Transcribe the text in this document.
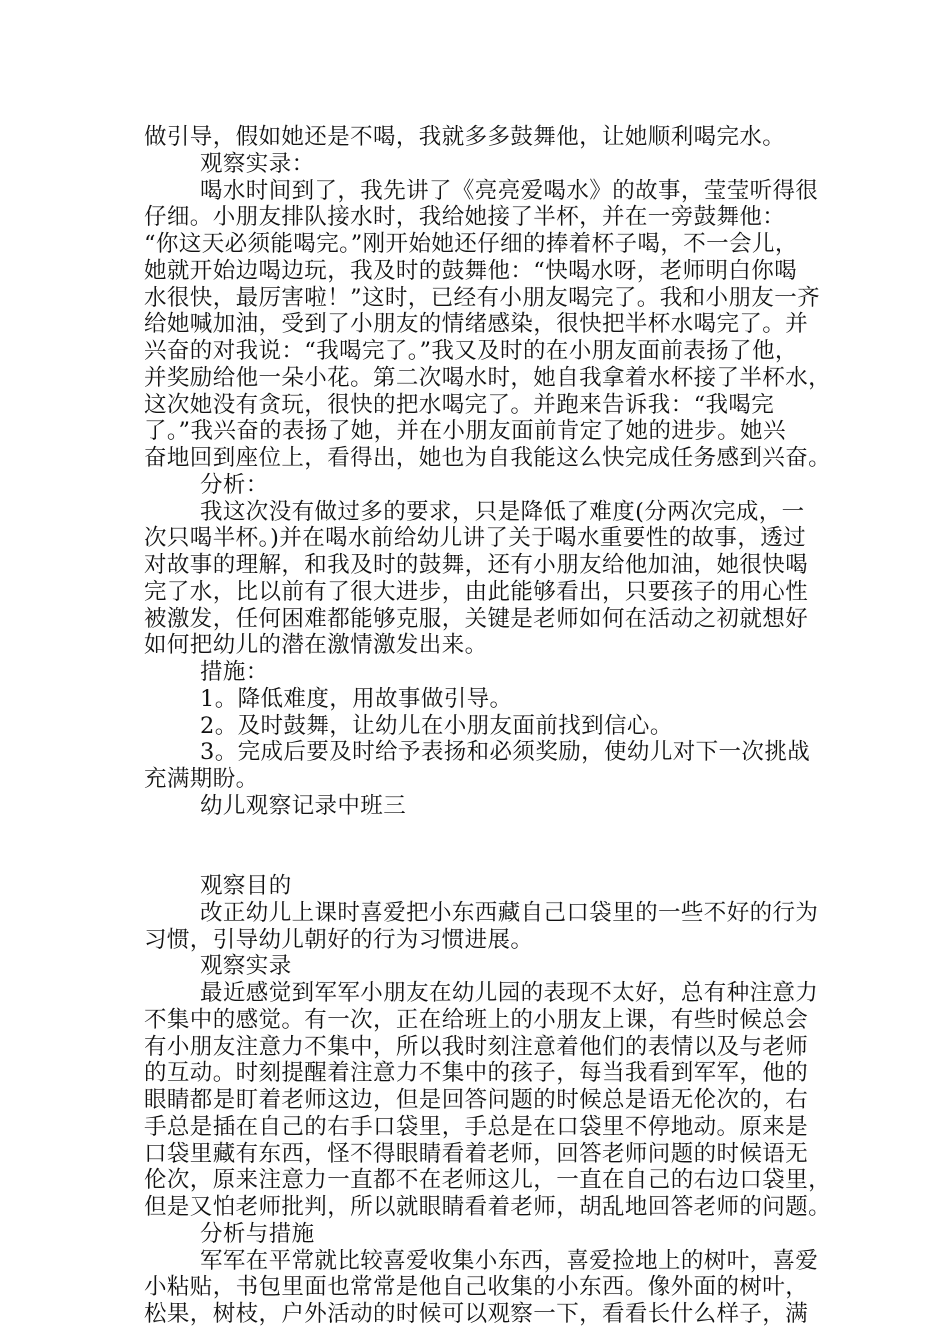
做引导，假如她还是不喝，我就多多鼓舞他，让她顺利喝完水。
观察实录：
喝水时间到了，我先讲了《亮亮爱喝水》的故事，莹莹听得很
仔细。小朋友排队接水时，我给她接了半杯，并在一旁鼓舞他：
“你这天必须能喝完。”刚开始她还仔细的捧着杯子喝，不一会儿，
她就开始边喝边玩，我及时的鼓舞他：“快喝水呀，老师明白你喝
水很快，最厉害啦！”这时，已经有小朋友喝完了。我和小朋友一齐
给她喊加油，受到了小朋友的情绪感染，很快把半杯水喝完了。并
兴奋的对我说：“我喝完了。”我又及时的在小朋友面前表扬了他，
并奖励给他一朵小花。第二次喝水时，她自我拿着水杯接了半杯水，
这次她没有贪玩，很快的把水喝完了。并跑来告诉我：“我喝完
了。”我兴奋的表扬了她，并在小朋友面前肯定了她的进步。她兴
奋地回到座位上，看得出，她也为自我能这么快完成任务感到兴奋。
分析：
我这次没有做过多的要求，只是降低了难度(分两次完成，一
次只喝半杯。)并在喝水前给幼儿讲了关于喝水重要性的故事，透过
对故事的理解，和我及时的鼓舞，还有小朋友给他加油，她很快喝
完了水，比以前有了很大进步，由此能够看出，只要孩子的用心性
被激发，任何困难都能够克服，关键是老师如何在活动之初就想好
如何把幼儿的潜在激情激发出来。
措施：
1。降低难度，用故事做引导。
2。及时鼓舞，让幼儿在小朋友面前找到信心。
3。完成后要及时给予表扬和必须奖励，使幼儿对下一次挑战
充满期盼。
幼儿观察记录中班三
观察目的
改正幼儿上课时喜爱把小东西藏自己口袋里的一些不好的行为
习惯，引导幼儿朝好的行为习惯进展。
观察实录
最近感觉到军军小朋友在幼儿园的表现不太好，总有种注意力
不集中的感觉。有一次，正在给班上的小朋友上课，有些时候总会
有小朋友注意力不集中，所以我时刻注意着他们的表情以及与老师
的互动。时刻提醒着注意力不集中的孩子，每当我看到军军，他的
眼睛都是盯着老师这边，但是回答问题的时候总是语无伦次的，右
手总是插在自己的右手口袋里，手总是在口袋里不停地动。原来是
口袋里藏有东西，怪不得眼睛看着老师，回答老师问题的时候语无
伦次，原来注意力一直都不在老师这儿，一直在自己的右边口袋里，
但是又怕老师批判，所以就眼睛看着老师，胡乱地回答老师的问题。
分析与措施
军军在平常就比较喜爱收集小东西，喜爱捡地上的树叶，喜爱
小粘贴，书包里面也常常是他自己收集的小东西。像外面的树叶，
松果，树枝，户外活动的时候可以观察一下，看看长什么样子，满
